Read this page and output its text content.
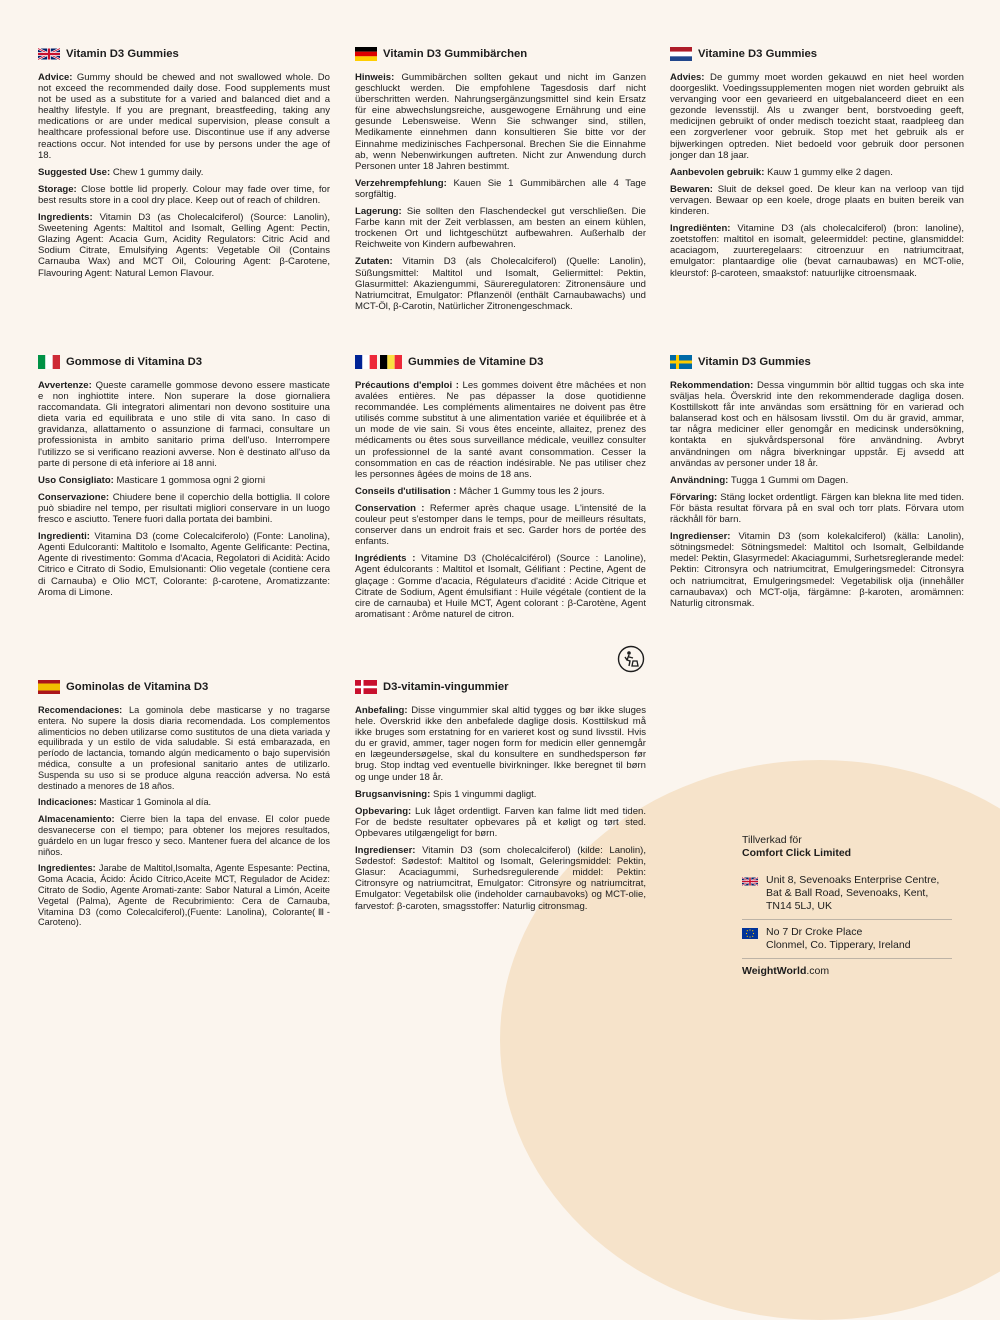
Vitamin D3 Gummies

Advice: Gummy should be chewed and not swallowed whole. Do not exceed the recommended daily dose. Food supplements must not be used as a substitute for a varied and balanced diet and a healthy lifestyle. If you are pregnant, breastfeeding, taking any medications or are under medical supervision, please consult a healthcare professional before use. Discontinue use if any adverse reactions occur. Not intended for use by persons under the age of 18.

Suggested Use: Chew 1 gummy daily.

Storage: Close bottle lid properly. Colour may fade over time, for best results store in a cool dry place. Keep out of reach of children.

Ingredients: Vitamin D3 (as Cholecalciferol) (Source: Lanolin), Sweetening Agents: Maltitol and Isomalt, Gelling Agent: Pectin, Glazing Agent: Acacia Gum, Acidity Regulators: Citric Acid and Sodium Citrate, Emulsifying Agents: Vegetable Oil (Contains Carnauba Wax) and MCT Oil, Colouring Agent: β-Carotene, Flavouring Agent: Natural Lemon Flavour.

Vitamin D3 Gummibärchen

Hinweis: Gummibärchen sollten gekaut und nicht im Ganzen geschluckt werden. Die empfohlene Tagesdosis darf nicht überschritten werden. Nahrungsergänzungsmittel sind kein Ersatz für eine abwechslungsreiche, ausgewogene Ernährung und eine gesunde Lebensweise. Wenn Sie schwanger sind, stillen, Medikamente einnehmen dann konsultieren Sie bitte vor der Einnahme medizinisches Fachpersonal. Brechen Sie die Einnahme ab, wenn Nebenwirkungen auftreten. Nicht zur Anwendung durch Personen unter 18 Jahren bestimmt.

Verzehrempfehlung: Kauen Sie 1 Gummibärchen alle 4 Tage sorgfältig.

Lagerung: Sie sollten den Flaschendeckel gut verschließen. Die Farbe kann mit der Zeit verblassen, am besten an einem kühlen, trockenen Ort und lichtgeschützt aufbewahren. Außerhalb der Reichweite von Kindern aufbewahren.

Zutaten: Vitamin D3 (als Cholecalciferol) (Quelle: Lanolin), Süßungsmittel: Maltitol und Isomalt, Geliermittel: Pektin, Glasurmittel: Akaziengummi, Säureregulatoren: Zitronensäure und Natriumcitrat, Emulgator: Pflanzenöl (enthält Carnaubawachs) und MCT-Öl, β-Carotin, Natürlicher Zitronengeschmack.

Vitamine D3 Gummies

Advies: De gummy moet worden gekauwd en niet heel worden doorgeslikt. Voedingssupplementen mogen niet worden gebruikt als vervanging voor een gevarieerd en uitgebalanceerd dieet en een gezonde levensstijl. Als u zwanger bent, borstvoeding geeft, medicijnen gebruikt of onder medisch toezicht staat, raadpleeg dan een zorgverlener voor gebruik. Stop met het gebruik als er bijwerkingen optreden. Niet bedoeld voor gebruik door personen jonger dan 18 jaar.

Aanbevolen gebruik: Kauw 1 gummy elke 2 dagen.

Bewaren: Sluit de deksel goed. De kleur kan na verloop van tijd vervagen. Bewaar op een koele, droge plaats en buiten bereik van kinderen.

Ingrediënten: Vitamine D3 (als cholecalciferol) (bron: lanoline), zoetstoffen: maltitol en isomalt, geleermiddel: pectine, glansmiddel: acaciagom, zuurteregelaars: citroenzuur en natriumcitraat, emulgator: plantaardige olie (bevat carnaubawas) en MCT-olie, kleurstof: β-caroteen, smaakstof: natuurlijke citroensmaak.

Gommose di Vitamina D3

Avvertenze: Queste caramelle gommose devono essere masticate e non inghiottite intere. Non superare la dose giornaliera raccomandata. Gli integratori alimentari non devono sostituire una dieta varia ed equilibrata e uno stile di vita sano. In caso di gravidanza, allattamento o assunzione di farmaci, consultare un professionista in ambito sanitario prima dell'uso. Interrompere l'utilizzo se si verificano reazioni avverse. Non è destinato all'uso da parte di persone di età inferiore ai 18 anni.

Uso Consigliato: Masticare 1 gommosa ogni 2 giorni

Conservazione: Chiudere bene il coperchio della bottiglia. Il colore può sbiadire nel tempo, per risultati migliori conservare in un luogo fresco e asciutto. Tenere fuori dalla portata dei bambini.

Ingredienti: Vitamina D3 (come Colecalciferolo) (Fonte: Lanolina), Agenti Edulcoranti: Maltitolo e Isomalto, Agente Gelificante: Pectina, Agente di rivestimento: Gomma d'Acacia, Regolatori di Acidità: Acido Citrico e Citrato di Sodio, Emulsionanti: Olio vegetale (contiene cera di Carnauba) e Olio MCT, Colorante: β-carotene, Aromatizzante: Aroma di Limone.

Gummies de Vitamine D3

Précautions d'emploi : Les gommes doivent être mâchées et non avalées entières. Ne pas dépasser la dose quotidienne recommandée. Les compléments alimentaires ne doivent pas être utilisés comme substitut à une alimentation variée et équilibrée et à un mode de vie sain. Si vous êtes enceinte, allaitez, prenez des médicaments ou êtes sous surveillance médicale, veuillez consulter un professionnel de la santé avant consommation. Cesser la consommation en cas de réaction indésirable. Ne pas utiliser chez les personnes âgées de moins de 18 ans.

Conseils d'utilisation : Mâcher 1 Gummy tous les 2 jours.

Conservation : Refermer après chaque usage. L'intensité de la couleur peut s'estomper dans le temps, pour de meilleurs résultats, conserver dans un endroit frais et sec. Garder hors de portée des enfants.

Ingrédients : Vitamine D3 (Cholécalciférol) (Source : Lanoline), Agent édulcorants : Maltitol et Isomalt, Gélifiant : Pectine, Agent de glaçage : Gomme d'acacia, Régulateurs d'acidité : Acide Citrique et Citrate de Sodium, Agent émulsifiant : Huile végétale (contient de la cire de carnauba) et Huile MCT, Agent colorant : β-Carotène, Agent aromatisant : Arôme naturel de citron.

Vitamin D3 Gummies

Rekommendation: Dessa vingummin bör alltid tuggas och ska inte sväljas hela. Överskrid inte den rekommenderade dagliga dosen. Kosttillskott får inte användas som ersättning för en varierad och balanserad kost och en hälsosam livsstil. Om du är gravid, ammar, tar några mediciner eller genomgår en medicinsk undersökning, kontakta en sjukvårdspersonal före användning. Avbryt användningen om några biverkningar uppstår. Ej avsedd att användas av personer under 18 år.

Användning: Tugga 1 Gummi om Dagen.

Förvaring: Stäng locket ordentligt. Färgen kan blekna lite med tiden. För bästa resultat förvara på en sval och torr plats. Förvara utom räckhåll för barn.

Ingredienser: Vitamin D3 (som kolekalciferol) (källa: Lanolin), sötningsmedel: Sötningsmedel: Maltitol och Isomalt, Gelbildande medel: Pektin, Glasyrmedel: Akaciagummi, Surhetsreglerande medel: Pektin: Citronsyra och natriumcitrat, Emulgeringsmedel: Citronsyra och natriumcitrat, Emulgeringsmedel: Vegetabilisk olja (innehåller carnaubavax) och MCT-olja, färgämne: β-karoten, aromämnen: Naturlig citronsmak.

Gominolas de Vitamina D3

Recomendaciones: La gominola debe masticarse y no tragarse entera. No supere la dosis diaria recomendada. Los complementos alimenticios no deben utilizarse como sustitutos de una dieta variada y equilibrada y un estilo de vida saludable. Si está embarazada, en período de lactancia, tomando algún medicamento o bajo supervisión médica, consulte a un profesional sanitario antes de utilizarlo. Suspenda su uso si se produce alguna reacción adversa. No está destinado a menores de 18 años.

Indicaciones: Masticar 1 Gominola al día.

Almacenamiento: Cierre bien la tapa del envase. El color puede desvanecerse con el tiempo; para obtener los mejores resultados, guárdelo en un lugar fresco y seco. Mantener fuera del alcance de los niños.

Ingredientes: Jarabe de Maltitol,Isomalta, Agente Espesante: Pectina, Goma Acacia, Ácido: Ácido Cítrico,Aceite MCT, Regulador de Acidez: Citrato de Sodio, Agente Aromati-zante: Sabor Natural a Limón, Aceite Vegetal (Palma), Agente de Recubrimiento: Cera de Carnauba, Vitamina D3 (como Colecalciferol),(Fuente: Lanolina), Colorante(Ⅲ-Caroteno).

D3-vitamin-vingummier

Anbefaling: Disse vingummier skal altid tygges og bør ikke sluges hele. Overskrid ikke den anbefalede daglige dosis. Kosttilskud må ikke bruges som erstatning for en varieret kost og sund livsstil. Hvis du er gravid, ammer, tager nogen form for medicin eller gennemgår en lægeundersøgelse, skal du konsultere en sundhedsperson før brug. Stop indtag ved eventuelle bivirkninger. Ikke beregnet til børn og unge under 18 år.

Brugsanvisning: Spis 1 vingummi dagligt.

Opbevaring: Luk låget ordentligt. Farven kan falme lidt med tiden. For de bedste resultater opbevares på et køligt og tørt sted. Opbevares utilgængeligt for børn.

Ingredienser: Vitamin D3 (som cholecalciferol) (kilde: Lanolin), Sødestof: Sødestof: Maltitol og Isomalt, Geleringsmiddel: Pektin, Glasur: Acaciagummi, Surhedsregulerende middel: Pektin: Citronsyre og natriumcitrat, Emulgator: Citronsyre og natriumcitrat, Emulgator: Vegetabilsk olie (indeholder carnaubavoks) og MCT-olie, farvestof: β-caroten, smagsstoffer: Naturlig citronsmag.

Tillverkad för

Comfort Click Limited

Unit 8, Sevenoaks Enterprise Centre,
Bat & Ball Road, Sevenoaks, Kent,
TN14 5LJ, UK
No 7 Dr Croke Place
Clonmel, Co. Tipperary, Ireland
WeightWorld.com
